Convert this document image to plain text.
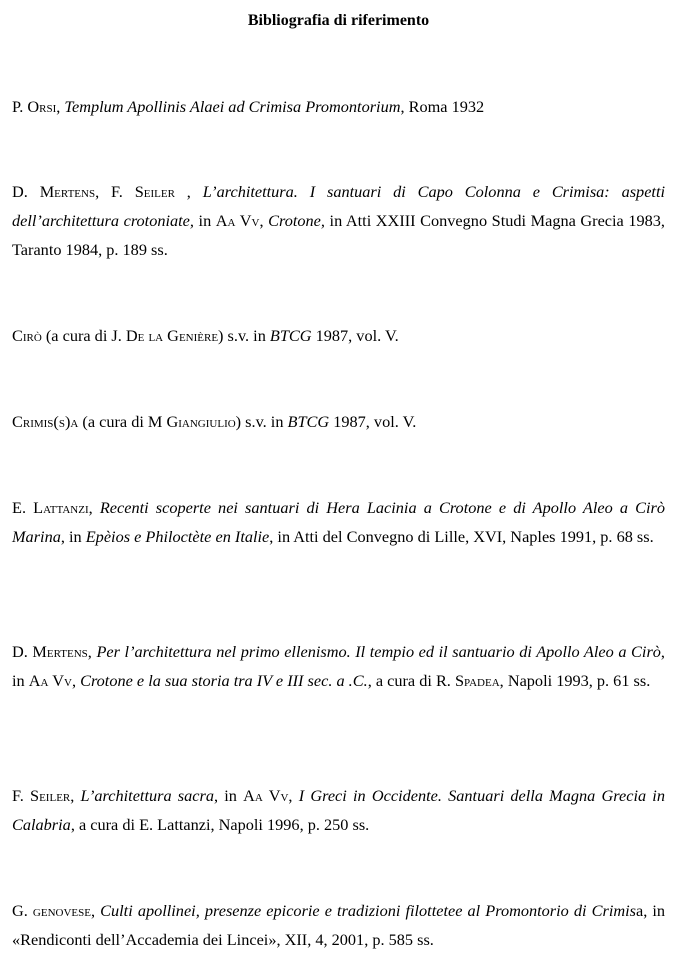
Bibliografia di riferimento
P. Orsi, Templum Apollinis Alaei ad Crimisa Promontorium, Roma 1932
D. Mertens, F. Seiler , L’architettura. I santuari di Capo Colonna e Crimisa: aspetti dell’architettura crotoniate, in Aa Vv, Crotone, in Atti XXIII Convegno Studi Magna Grecia 1983, Taranto 1984, p. 189 ss.
Cirò (a cura di J. De la Genière) s.v. in BTCG 1987, vol. V.
Crimis(s)a (a cura di M Giangiulio) s.v. in BTCG 1987, vol. V.
E. Lattanzi, Recenti scoperte nei santuari di Hera Lacinia a Crotone e di Apollo Aleo a Cirò Marina, in Epèios e Philoctète en Italie, in Atti del Convegno di Lille, XVI, Naples 1991, p. 68 ss.
D. Mertens, Per l’architettura nel primo ellenismo. Il tempio ed il santuario di Apollo Aleo a Cirò, in Aa Vv, Crotone e la sua storia tra IV e III sec. a .C., a cura di R. Spadea, Napoli 1993, p. 61 ss.
F. Seiler, L’architettura sacra, in Aa Vv, I Greci in Occidente. Santuari della Magna Grecia in Calabria, a cura di E. Lattanzi, Napoli 1996, p. 250 ss.
G. genovese, Culti apollinei, presenze epicorie e tradizioni filottetee al Promontorio di Crimisa, in «Rendiconti dell’Accademia dei Lincei», XII, 4, 2001, p. 585 ss.
